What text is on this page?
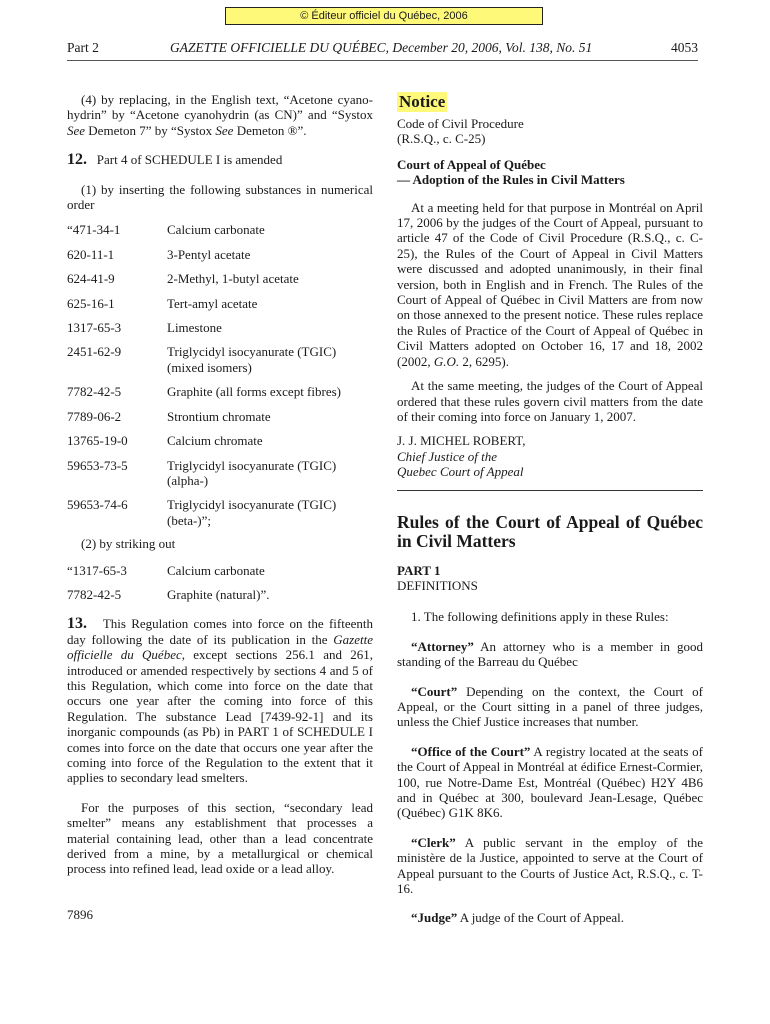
© Éditeur officiel du Québec, 2006
Part 2	GAZETTE OFFICIELLE DU QUÉBEC, December 20, 2006, Vol. 138, No. 51	4053

(4) by replacing, in the English text, “Acetone cyano-hydrin” by “Acetone cyanohydrin (as CN)” and “Systox See Demeton 7” by “Systox See Demeton ®”.

12. Part 4 of SCHEDULE I is amended

(1) by inserting the following substances in numerical order

“471-34-1	Calcium carbonate
620-11-1	3-Pentyl acetate
624-41-9	2-Methyl, 1-butyl acetate
625-16-1	Tert-amyl acetate
1317-65-3	Limestone
2451-62-9	Triglycidyl isocyanurate (TGIC) (mixed isomers)
7782-42-5	Graphite (all forms except fibres)
7789-06-2	Strontium chromate
13765-19-0	Calcium chromate
59653-73-5	Triglycidyl isocyanurate (TGIC) (alpha-)
59653-74-6	Triglycidyl isocyanurate (TGIC) (beta-)”;

(2) by striking out

“1317-65-3	Calcium carbonate
7782-42-5	Graphite (natural)”.

13. This Regulation comes into force on the fifteenth day following the date of its publication in the Gazette officielle du Québec, except sections 256.1 and 261, introduced or amended respectively by sections 4 and 5 of this Regulation, which come into force on the date that occurs one year after the coming into force of this Regulation. The substance Lead [7439-92-1] and its inorganic compounds (as Pb) in PART 1 of SCHEDULE I comes into force on the date that occurs one year after the coming into force of the Regulation to the extent that it applies to secondary lead smelters.

For the purposes of this section, “secondary lead smelter” means any establishment that processes a material containing lead, other than a lead concentrate derived from a mine, by a metallurgical or chemical process into refined lead, lead oxide or a lead alloy.

7896
Notice

Code of Civil Procedure

(R.S.Q., c. C-25)

Court of Appeal of Québec

— Adoption of the Rules in Civil Matters

At a meeting held for that purpose in Montréal on April 17, 2006 by the judges of the Court of Appeal, pursuant to article 47 of the Code of Civil Procedure (R.S.Q., c. C-25), the Rules of the Court of Appeal in Civil Matters were discussed and adopted unanimously, in their final version, both in English and in French. The Rules of the Court of Appeal of Québec in Civil Matters are from now on those annexed to the present notice. These rules replace the Rules of Practice of the Court of Appeal of Québec in Civil Matters adopted on October 16, 17 and 18, 2002 (2002, G.O. 2, 6295).

At the same meeting, the judges of the Court of Appeal ordered that these rules govern civil matters from the date of their coming into force on January 1, 2007.

J. J. MICHEL ROBERT,

Chief Justice of the

Quebec Court of Appeal

Rules of the Court of Appeal of Québec in Civil Matters

PART 1

DEFINITIONS

1. The following definitions apply in these Rules:

“Attorney” An attorney who is a member in good standing of the Barreau du Québec

“Court” Depending on the context, the Court of Appeal, or the Court sitting in a panel of three judges, unless the Chief Justice increases that number.

“Office of the Court” A registry located at the seats of the Court of Appeal in Montréal at édifice Ernest-Cormier, 100, rue Notre-Dame Est, Montréal (Québec) H2Y 4B6 and in Québec at 300, boulevard Jean-Lesage, Québec (Québec) G1K 8K6.

“Clerk” A public servant in the employ of the ministère de la Justice, appointed to serve at the Court of Appeal pursuant to the Courts of Justice Act, R.S.Q., c. T-16.

“Judge” A judge of the Court of Appeal.
